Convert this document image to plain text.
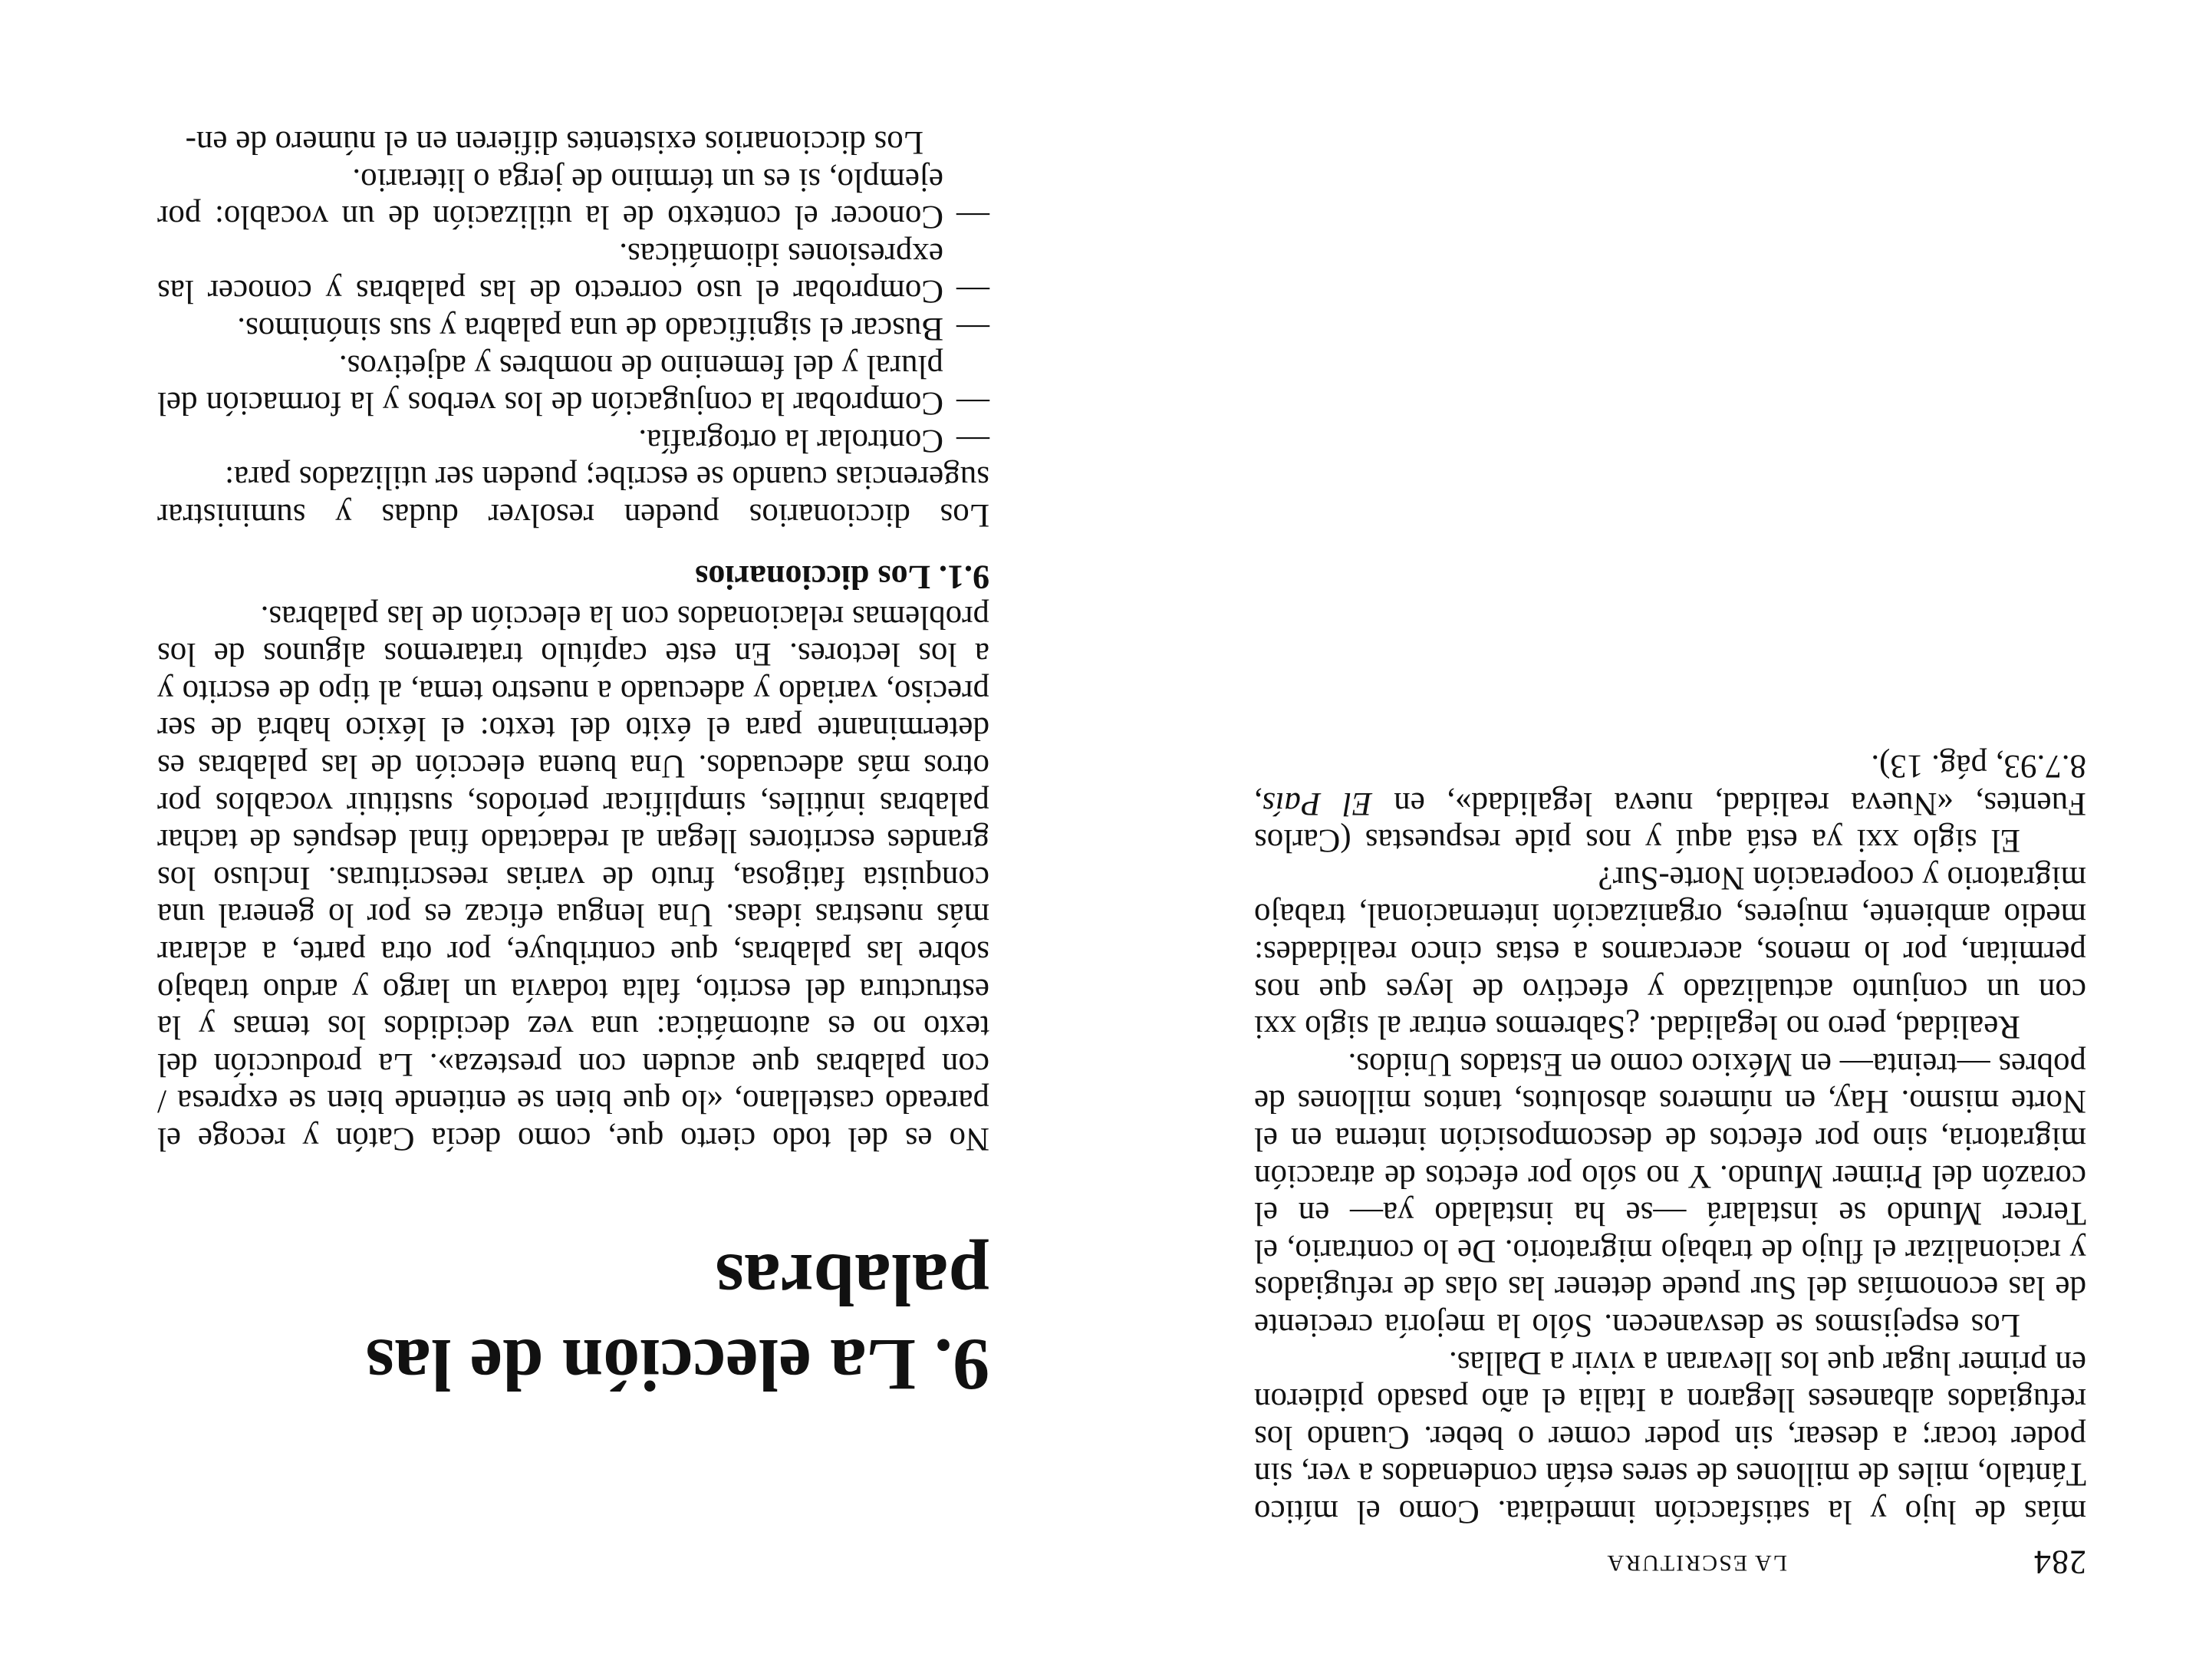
284
LA ESCRITURA

mías de lujo y la satisfacción inmediata. Como el mítico Tántalo, miles de millones de seres están condenados a ver, sin poder tocar; a desear, sin poder comer o beber. Cuando los refugiados albaneses llegaron a Italia el año pasado pidieron en primer lugar que los llevaran a vivir a Dallas.

Los espejismos se desvanecen. Sólo la mejoría creciente de las economías del Sur puede detener las olas de refugiados y racionalizar el flujo de trabajo migratorio. De lo contrario, el Tercer Mundo se instalará —se ha instalado ya— en el corazón del Primer Mundo. Y no sólo por efectos de atracción migratoria, sino por efectos de descomposición interna en el Norte mismo. Hay, en números absolutos, tantos millones de pobres —treinta— en México como en Estados Unidos.

Realidad, pero no legalidad. ¿Sabremos entrar al siglo xxi con un conjunto actualizado y efectivo de leyes que nos permitan, por lo menos, acercarnos a estas cinco realidades: medio ambiente, mujeres, organización internacional, trabajo migratorio y cooperación Norte-Sur?

El siglo xxi ya está aquí y nos pide respuestas (Carlos Fuentes, «Nueva realidad, nueva legalidad», en El País, 8.7.93, pág. 13).

9. La elección de las palabras

No es del todo cierto que, como decía Catón y recoge el pareado castellano, «lo que bien se entiende bien se expresa / con palabras que acuden con presteza». La producción del texto no es automática: una vez decididos los temas y la estructura del escrito, falta todavía un largo y arduo trabajo sobre las palabras, que contribuye, por otra parte, a aclarar más nuestras ideas. Una lengua eficaz es por lo general una conquista fatigosa, fruto de varias reescrituras. Incluso los grandes escritores llegan al redactado final después de tachar palabras inútiles, simplificar períodos, sustituir vocablos por otros más adecuados. Una buena elección de las palabras es determinante para el éxito del texto: el léxico habrá de ser preciso, variado y adecuado a nuestro tema, al tipo de escrito y a los lectores. En este capítulo trataremos algunos de los problemas relacionados con la elección de las palabras.

9.1. Los diccionarios

Los diccionarios pueden resolver dudas y suministrar sugerencias cuando se escribe; pueden ser utilizados para:

—
Controlar la ortografía.
—
Comprobar la conjugación de los verbos y la formación del plural y del femenino de nombres y adjetivos.
—
Buscar el significado de una palabra y sus sinónimos.
—
Comprobar el uso correcto de las palabras y conocer las expresiones idiomáticas.
—
Conocer el contexto de la utilización de un vocablo: por ejemplo, si es un término de jerga o literario.

Los diccionarios existentes difieren en el número de en-
